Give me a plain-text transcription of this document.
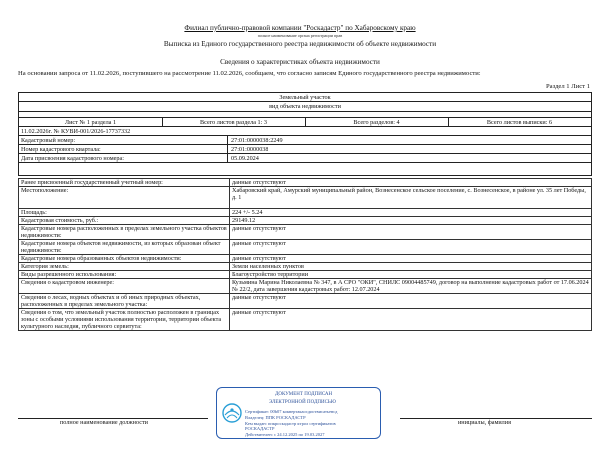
Филиал публично-правовой компании "Роскадастр" по Хабаровскому краю
полное наименование органа регистрации прав
Выписка из Единого государственного реестра недвижимости об объекте недвижимости
Сведения о характеристиках объекта недвижимости
На основании запроса от 11.02.2026, поступившего на рассмотрение 11.02.2026, сообщаем, что согласно записям Единого государственного реестра недвижимости:
Раздел 1 Лист 1
Земельный участок
вид объекта недвижимости
Лист № 1 раздела 1	Всего листов раздела 1: 3	Всего разделов: 4	Всего листов выписки: 6
11.02.2026г. № КУВИ-001/2026-17737332
Кадастровый номер:	27:01:0000038:2249
Номер кадастрового квартала:	27:01:0000038
Дата присвоения кадастрового номера:	05.09.2024
Ранее присвоенный государственный учетный номер:	данные отсутствуют
Местоположение:	Хабаровский край, Амурский муниципальный район, Вознесенское сельское поселение, с. Вознесенское, в районе ул. 35 лет Победы, д. 1
Площадь:	224 +/- 5.24
Кадастровая стоимость, руб.:	29149.12
Кадастровые номера расположенных в пределах земельного участка объектов недвижимости:	данные отсутствуют
Кадастровые номера объектов недвижимости, из которых образован объект недвижимости:	данные отсутствуют
Кадастровые номера образованных объектов недвижимости:	данные отсутствуют
Категория земель:	Земли населенных пунктов
Виды разрешенного использования:	Благоустройство территории
Сведения о кадастровом инженере:	Кузьмина Марина Николаевна № 347, в А СРО "ОКИ", СНИЛС 09004485749, договор на выполнение кадастровых работ от 17.06.2024 № 22/2, дата завершения кадастровых работ: 12.07.2024
Сведения о лесах, водных объектах и об иных природных объектах, расположенных в пределах земельного участка:	данные отсутствуют
Сведения о том, что земельный участок полностью расположен в границах зоны с особыми условиями использования территории, территории объекта культурного наследия, публичного сервитута:	данные отсутствуют
ДОКУМЕНТ ПОДПИСАН
ЭЛЕКТРОННОЙ ПОДПИСЬЮ
Сертификат: 00b07 коквертакаосдиствисатьевсд
Владелец: ППК РОСКАДАСТР
Кем выдан: ппкроскадастр ктрол сертификатов
РОСКАДАСТР
Действителен: с 24.12.2025 по 19.03.2027
полное наименование должности	инициалы, фамилия
